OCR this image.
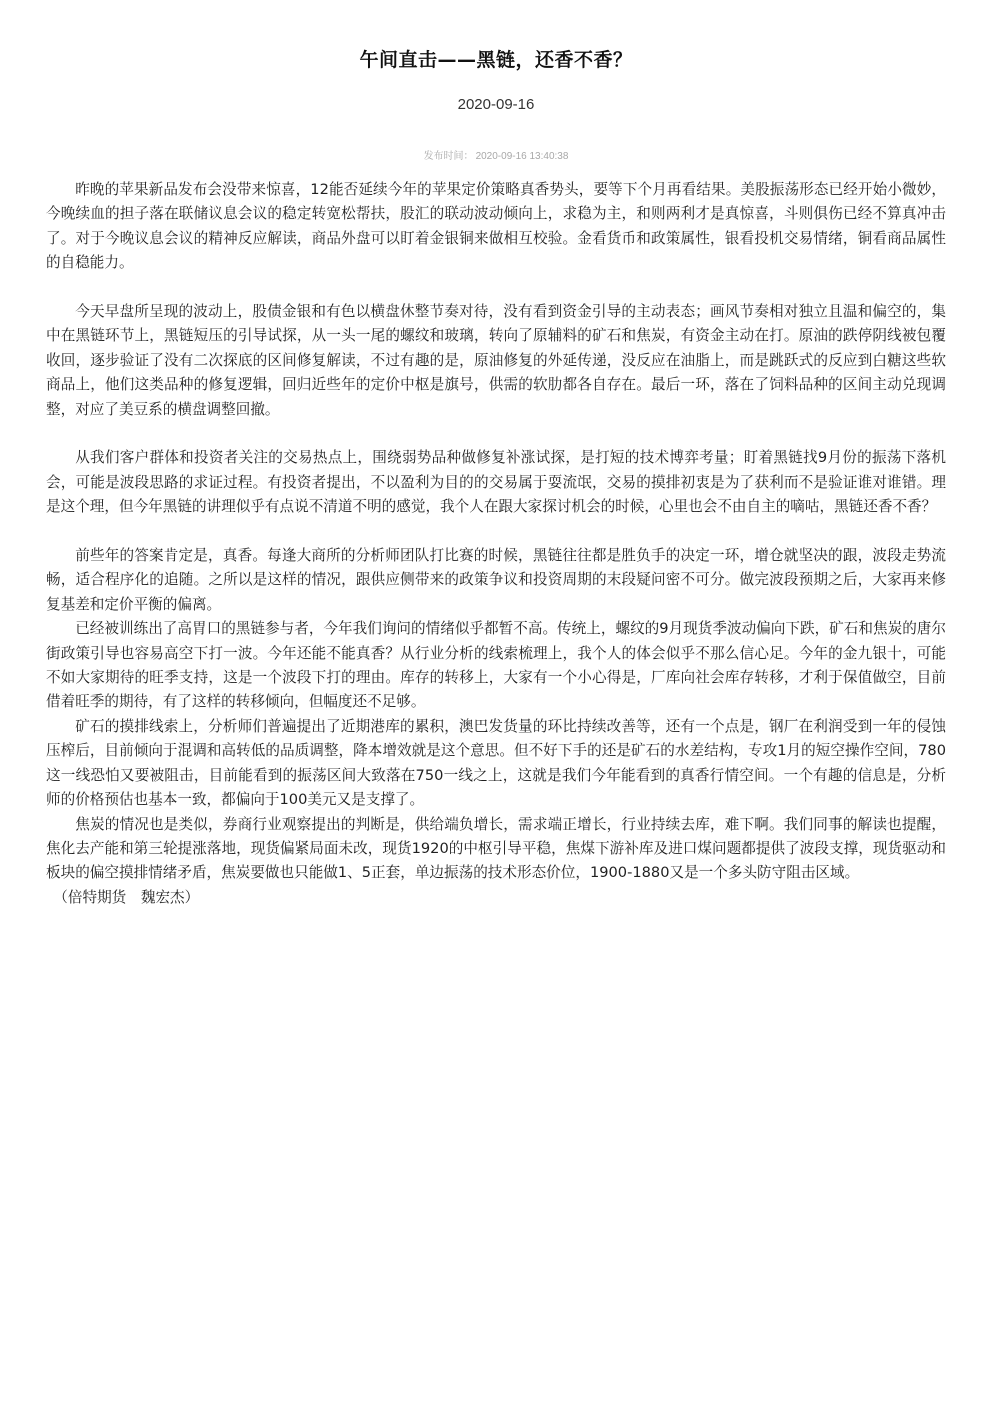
午间直击——黑链，还香不香？
2020-09-16
发布时间： 2020-09-16 13:40:38

昨晚的苹果新品发布会没带来惊喜，12能否延续今年的苹果定价策略真香势头，要等下个月再看结果。美股振荡形态已经开始小微妙，今晚续血的担子落在联储议息会议的稳定转宽松帮扶，股汇的联动波动倾向上，求稳为主，和则两利才是真惊喜，斗则俱伤已经不算真冲击了。对于今晚议息会议的精神反应解读，商品外盘可以盯着金银铜来做相互校验。金看货币和政策属性，银看投机交易情绪，铜看商品属性的自稳能力。

今天早盘所呈现的波动上，股债金银和有色以横盘休整节奏对待，没有看到资金引导的主动表态；画风节奏相对独立且温和偏空的，集中在黑链环节上，黑链短压的引导试探，从一头一尾的螺纹和玻璃，转向了原辅料的矿石和焦炭，有资金主动在打。原油的跌停阴线被包覆收回，逐步验证了没有二次探底的区间修复解读，不过有趣的是，原油修复的外延传递，没反应在油脂上，而是跳跃式的反应到白糖这些软商品上，他们这类品种的修复逻辑，回归近些年的定价中枢是旗号，供需的软肋都各自存在。最后一环，落在了饲料品种的区间主动兑现调整，对应了美豆系的横盘调整回撤。

从我们客户群体和投资者关注的交易热点上，围绕弱势品种做修复补涨试探，是打短的技术博弈考量；盯着黑链找9月份的振荡下落机会，可能是波段思路的求证过程。有投资者提出，不以盈利为目的的交易属于耍流氓，交易的摸排初衷是为了获利而不是验证谁对谁错。理是这个理，但今年黑链的讲理似乎有点说不清道不明的感觉，我个人在跟大家探讨机会的时候，心里也会不由自主的嘀咕，黑链还香不香？

前些年的答案肯定是，真香。每逢大商所的分析师团队打比赛的时候，黑链往往都是胜负手的决定一环，增仓就坚决的跟，波段走势流畅，适合程序化的追随。之所以是这样的情况，跟供应侧带来的政策争议和投资周期的末段疑问密不可分。做完波段预期之后，大家再来修复基差和定价平衡的偏离。

已经被训练出了高胃口的黑链参与者，今年我们询问的情绪似乎都暂不高。传统上，螺纹的9月现货季波动偏向下跌，矿石和焦炭的唐尔街政策引导也容易高空下打一波。今年还能不能真香？从行业分析的线索梳理上，我个人的体会似乎不那么信心足。今年的金九银十，可能不如大家期待的旺季支持，这是一个波段下打的理由。库存的转移上，大家有一个小心得是，厂库向社会库存转移，才利于保值做空，目前借着旺季的期待，有了这样的转移倾向，但幅度还不足够。

矿石的摸排线索上，分析师们普遍提出了近期港库的累积，澳巴发货量的环比持续改善等，还有一个点是，钢厂在利润受到一年的侵蚀压榨后，目前倾向于混调和高转低的品质调整，降本增效就是这个意思。但不好下手的还是矿石的水差结构，专攻1月的短空操作空间，780这一线恐怕又要被阻击，目前能看到的振荡区间大致落在750一线之上，这就是我们今年能看到的真香行情空间。一个有趣的信息是，分析师的价格预估也基本一致，都偏向于100美元又是支撑了。

焦炭的情况也是类似，券商行业观察提出的判断是，供给端负增长，需求端正增长，行业持续去库，难下啊。我们同事的解读也提醒，焦化去产能和第三轮提涨落地，现货偏紧局面未改，现货1920的中枢引导平稳，焦煤下游补库及进口煤问题都提供了波段支撑，现货驱动和板块的偏空摸排情绪矛盾，焦炭要做也只能做1、5正套，单边振荡的技术形态价位，1900-1880又是一个多头防守阻击区域。

（倍特期货　魏宏杰）
